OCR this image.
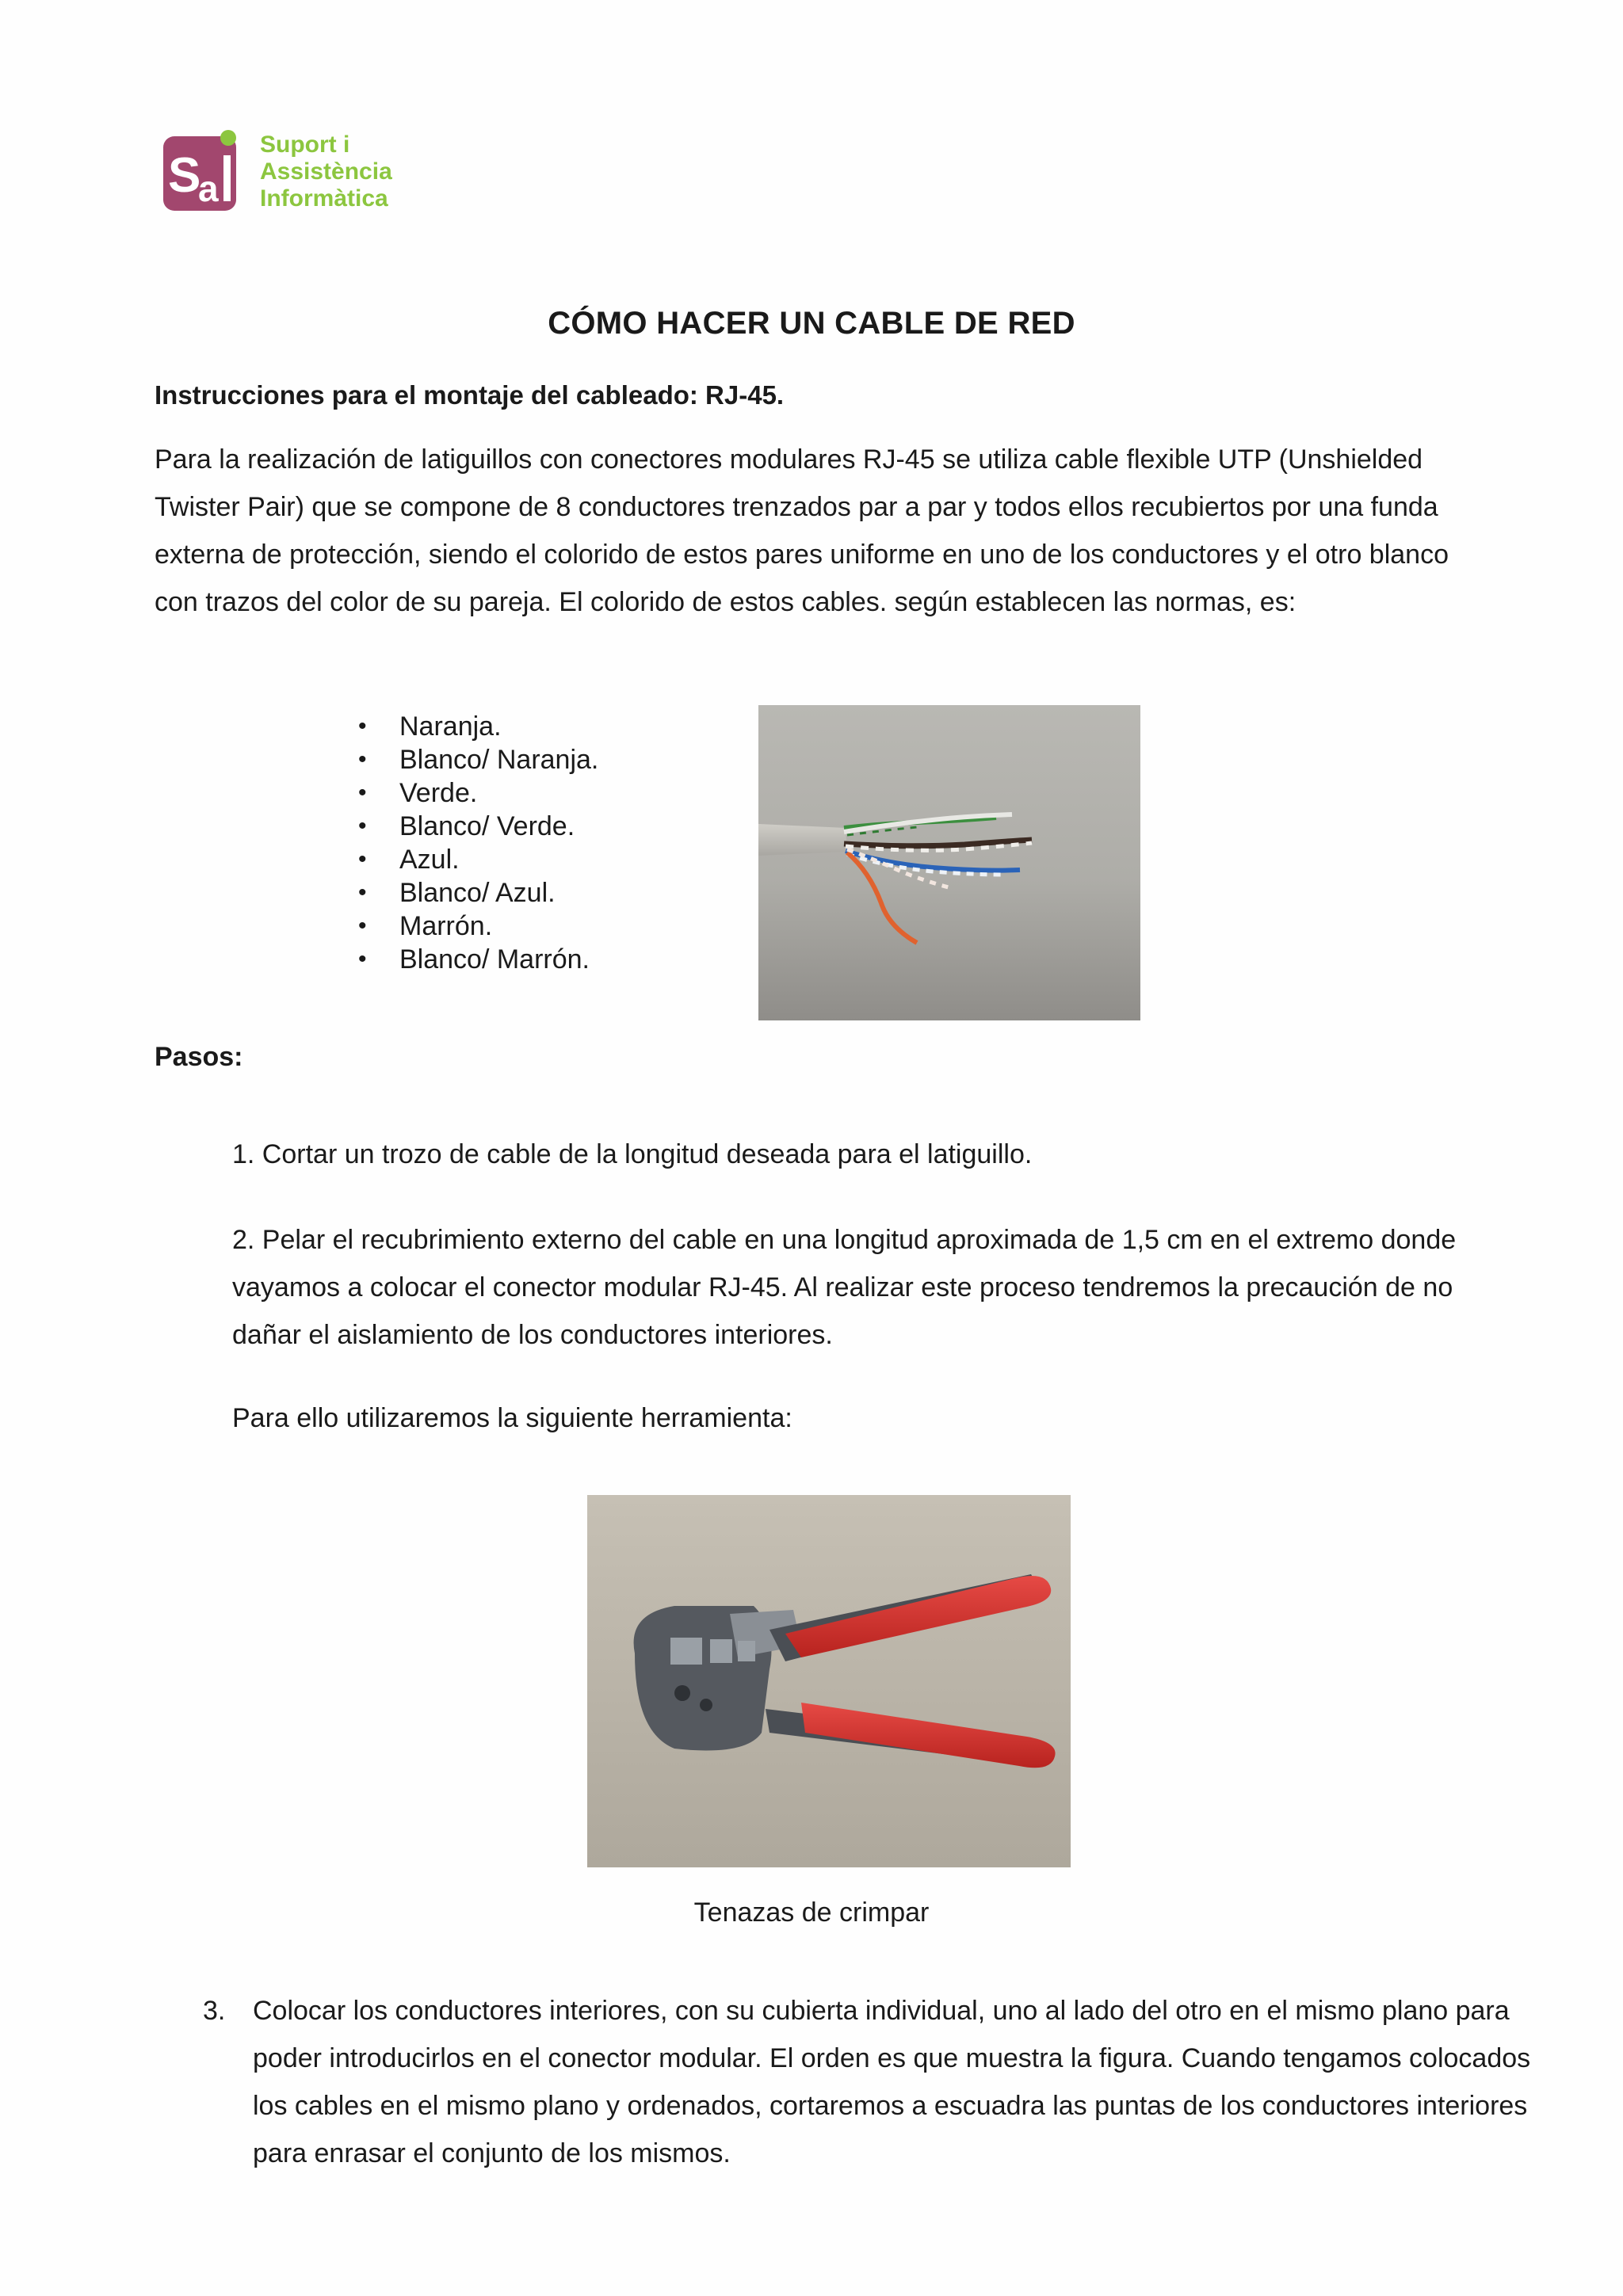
S
a
Suport i
Assistència
Informàtica
CÓMO HACER UN CABLE DE RED
Instrucciones para el montaje del cableado: RJ-45.

Para la realización de latiguillos con conectores modulares RJ-45 se utiliza cable flexible UTP (Unshielded Twister Pair) que se compone de 8 conductores trenzados par a par y todos ellos recubiertos por una funda externa de protección, siendo el colorido de estos pares uniforme en uno de los conductores y el otro blanco con trazos del color de su pareja. El colorido de estos cables. según establecen las normas, es:

• Naranja.
• Blanco/ Naranja.
• Verde.
• Blanco/ Verde.
• Azul.
• Blanco/ Azul.
• Marrón.
• Blanco/ Marrón.
Pasos:
1. Cortar un trozo de cable de la longitud deseada para el latiguillo.
2. Pelar el recubrimiento externo del cable en una longitud aproximada de 1,5 cm en el extremo donde vayamos a colocar el conector modular RJ-45. Al realizar este proceso tendremos la precaución de no dañar el aislamiento de los conductores interiores.
Para ello utilizaremos la siguiente herramienta:
Tenazas de crimpar
3. Colocar los conductores interiores, con su cubierta individual, uno al lado del otro en el mismo plano para poder introducirlos en el conector modular. El orden es que muestra la figura. Cuando tengamos colocados los cables en el mismo plano y ordenados, cortaremos a escuadra las puntas de los conductores interiores para enrasar el conjunto de los mismos.
